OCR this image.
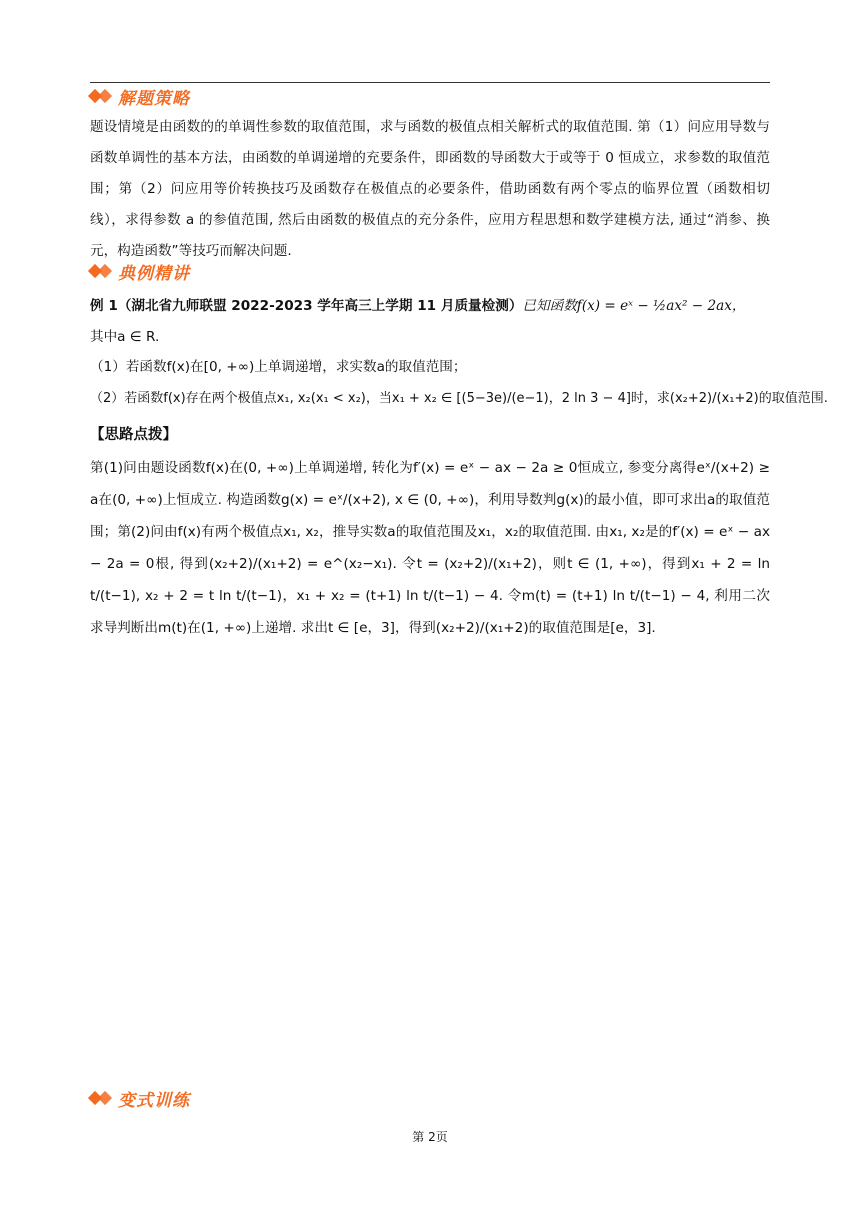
解题策略
题设情境是由函数的的单调性参数的取值范围，求与函数的极值点相关解析式的取值范围. 第（1）问应用导数与函数单调性的基本方法，由函数的单调递增的充要条件，即函数的导函数大于或等于 0 恒成立，求参数的取值范围；第（2）问应用等价转换技巧及函数存在极值点的必要条件，借助函数有两个零点的临界位置（函数相切线），求得参数 a 的参值范围, 然后由函数的极值点的充分条件，应用方程思想和数学建模方法, 通过“消参、换元，构造函数”等技巧而解决问题.
典例精讲
例 1（湖北省九师联盟 2022-2023 学年高三上学期 11 月质量检测）已知函数f(x) = eˣ − ½ax² − 2ax，
其中a ∈ R.
（1）若函数f(x)在[0, +∞)上单调递增，求实数a的取值范围；
（2）若函数f(x)存在两个极值点x₁, x₂(x₁ < x₂)，当x₁ + x₂ ∈ [(5−3e)/(e−1)，2 ln 3 − 4]时，求(x₂+2)/(x₁+2)的取值范围.
【思路点拨】
第(1)问由题设函数f(x)在(0, +∞)上单调递增, 转化为f′(x) = eˣ − ax − 2a ≥ 0恒成立, 参变分离得eˣ/(x+2) ≥ a在(0, +∞)上恒成立. 构造函数g(x) = eˣ/(x+2), x ∈ (0, +∞)，利用导数判g(x)的最小值，即可求出a的取值范围；第(2)问由f(x)有两个极值点x₁, x₂，推导实数a的取值范围及x₁，x₂的取值范围. 由x₁, x₂是的f′(x) = eˣ − ax − 2a = 0根, 得到(x₂+2)/(x₁+2) = e^(x₂−x₁). 令t = (x₂+2)/(x₁+2)，则t ∈ (1, +∞)，得到x₁ + 2 = ln t/(t−1), x₂ + 2 = t ln t/(t−1)，x₁ + x₂ = (t+1) ln t/(t−1) − 4. 令m(t) = (t+1) ln t/(t−1) − 4, 利用二次求导判断出m(t)在(1, +∞)上递增. 求出t ∈ [e，3]，得到(x₂+2)/(x₁+2)的取值范围是[e，3].
变式训练
第 2页
